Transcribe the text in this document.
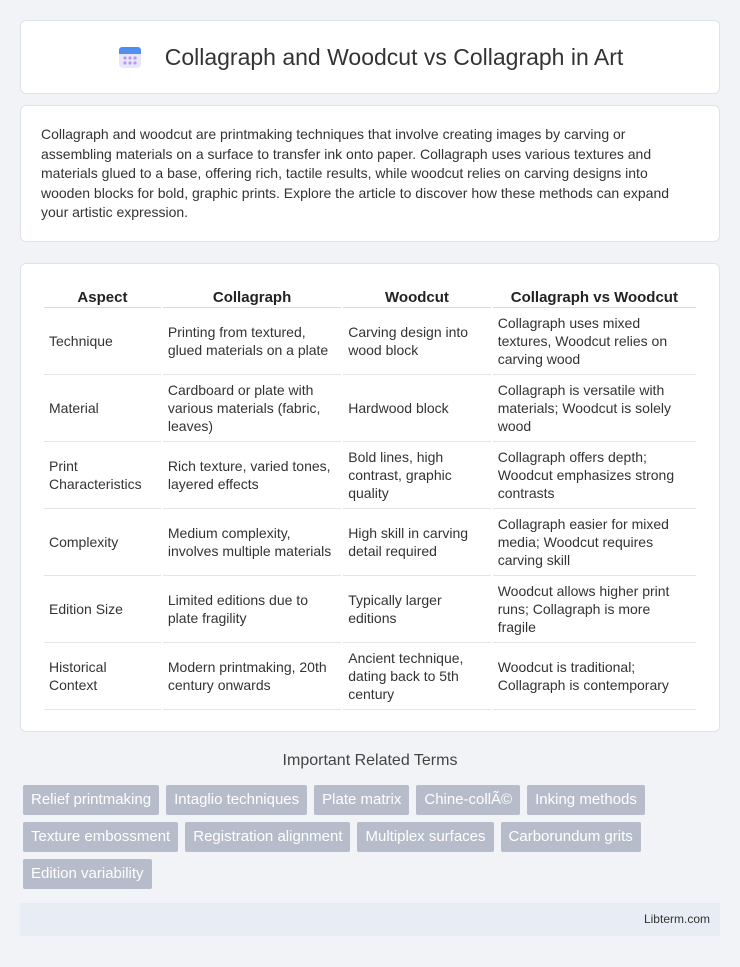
Collagraph and Woodcut vs Collagraph in Art

Collagraph and woodcut are printmaking techniques that involve creating images by carving or assembling materials on a surface to transfer ink onto paper. Collagraph uses various textures and materials glued to a base, offering rich, tactile results, while woodcut relies on carving designs into wooden blocks for bold, graphic prints. Explore the article to discover how these methods can expand your artistic expression.

Aspect	Collagraph	Woodcut	Collagraph vs Woodcut
Technique	Printing from textured, glued materials on a plate	Carving design into wood block	Collagraph uses mixed textures, Woodcut relies on carving wood
Material	Cardboard or plate with various materials (fabric, leaves)	Hardwood block	Collagraph is versatile with materials; Woodcut is solely wood
Print Characteristics	Rich texture, varied tones, layered effects	Bold lines, high contrast, graphic quality	Collagraph offers depth; Woodcut emphasizes strong contrasts
Complexity	Medium complexity, involves multiple materials	High skill in carving detail required	Collagraph easier for mixed media; Woodcut requires carving skill
Edition Size	Limited editions due to plate fragility	Typically larger editions	Woodcut allows higher print runs; Collagraph is more fragile
Historical Context	Modern printmaking, 20th century onwards	Ancient technique, dating back to 5th century	Woodcut is traditional; Collagraph is contemporary
Important Related Terms
Relief printmaking	Intaglio techniques	Plate matrix	Chine-collÃ©	Inking methods
Texture embossment	Registration alignment	Multiplex surfaces	Carborundum grits
Edition variability
Libterm.com
